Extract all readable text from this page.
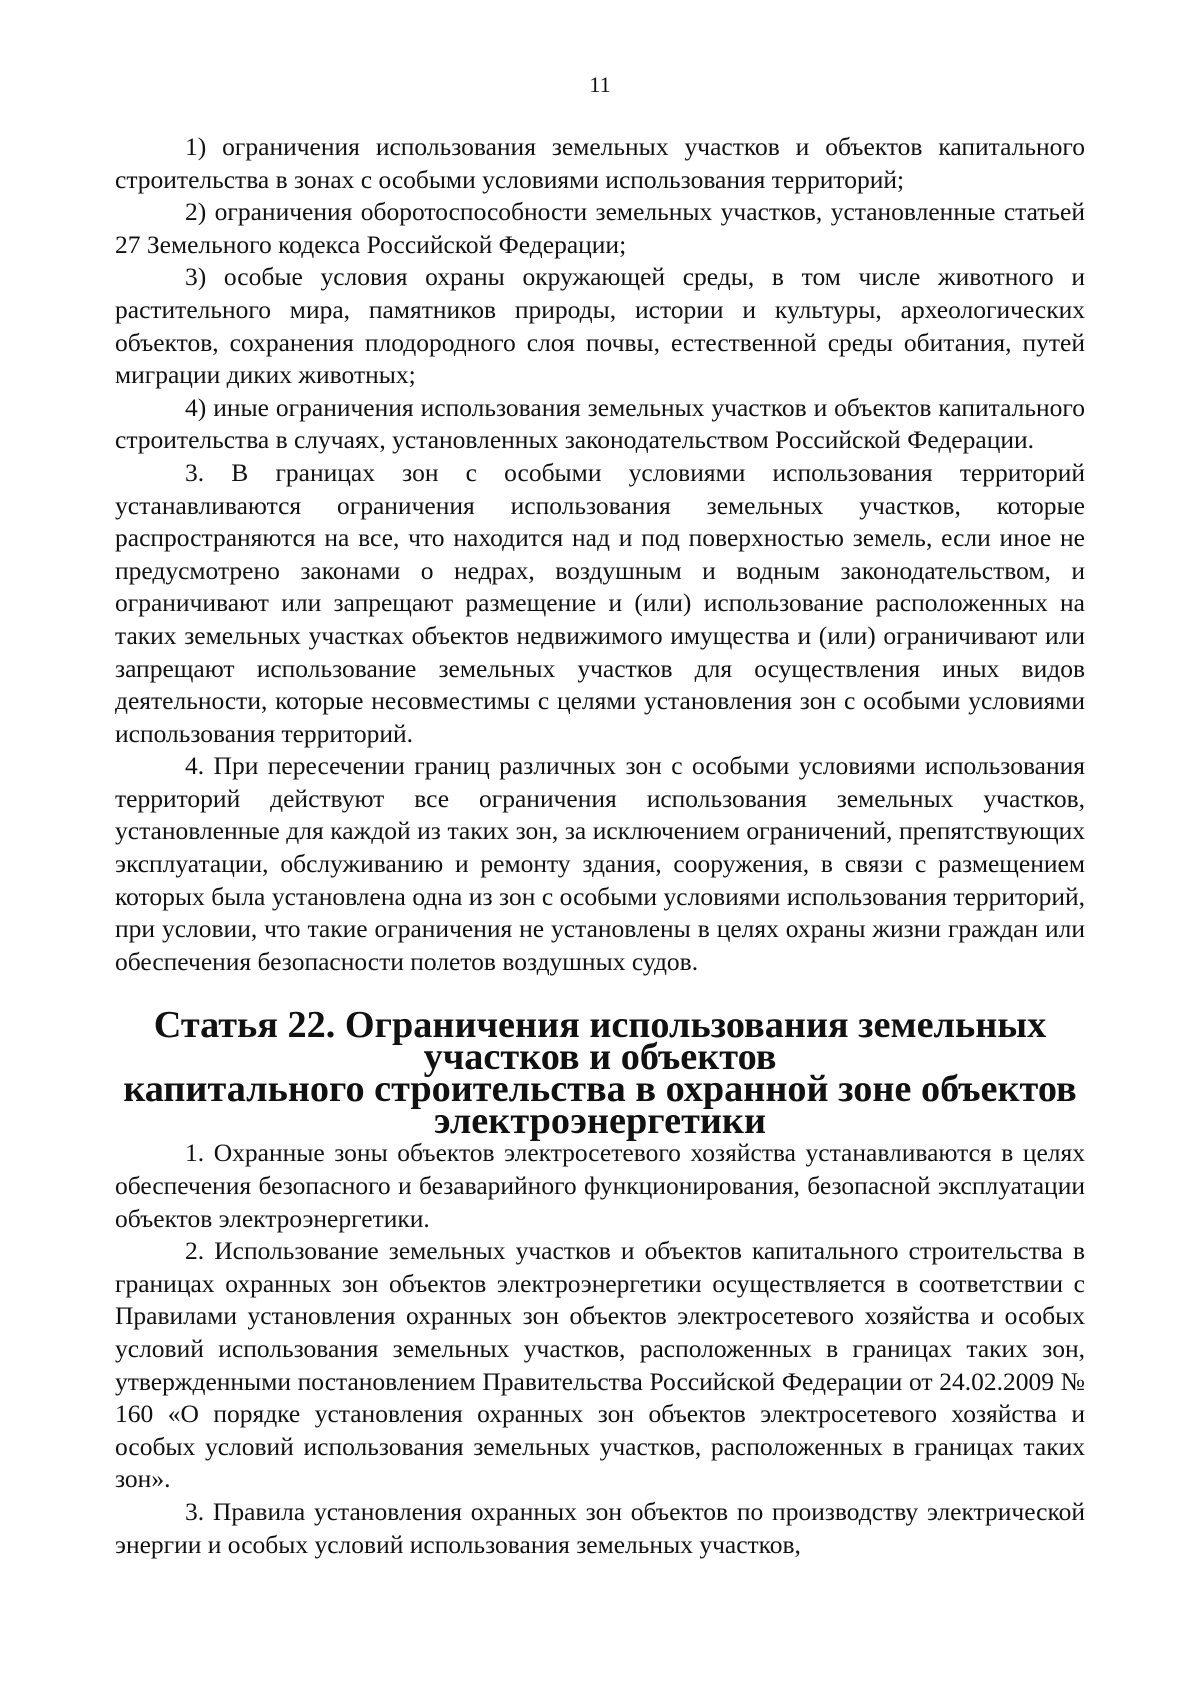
11

1) ограничения использования земельных участков и объектов капитального строительства в зонах с особыми условиями использования территорий;

2) ограничения оборотоспособности земельных участков, установленные статьей 27 Земельного кодекса Российской Федерации;

3) особые условия охраны окружающей среды, в том числе животного и растительного мира, памятников природы, истории и культуры, археологических объектов, сохранения плодородного слоя почвы, естественной среды обитания, путей миграции диких животных;

4) иные ограничения использования земельных участков и объектов капитального строительства в случаях, установленных законодательством Российской Федерации.

3. В границах зон с особыми условиями использования территорий устанавливаются ограничения использования земельных участков, которые распространяются на все, что находится над и под поверхностью земель, если иное не предусмотрено законами о недрах, воздушным и водным законодательством, и ограничивают или запрещают размещение и (или) использование расположенных на таких земельных участках объектов недвижимого имущества и (или) ограничивают или запрещают использование земельных участков для осуществления иных видов деятельности, которые несовместимы с целями установления зон с особыми условиями использования территорий.

4. При пересечении границ различных зон с особыми условиями использования территорий действуют все ограничения использования земельных участков, установленные для каждой из таких зон, за исключением ограничений, препятствующих эксплуатации, обслуживанию и ремонту здания, сооружения, в связи с размещением которых была установлена одна из зон с особыми условиями использования территорий, при условии, что такие ограничения не установлены в целях охраны жизни граждан или обеспечения безопасности полетов воздушных судов.

Статья 22. Ограничения использования земельных участков и объектов
капитального строительства в охранной зоне объектов электроэнергетики

1. Охранные зоны объектов электросетевого хозяйства устанавливаются в целях обеспечения безопасного и безаварийного функционирования, безопасной эксплуатации объектов электроэнергетики.

2. Использование земельных участков и объектов капитального строительства в границах охранных зон объектов электроэнергетики осуществляется в соответствии с Правилами установления охранных зон объектов электросетевого хозяйства и особых условий использования земельных участков, расположенных в границах таких зон, утвержденными постановлением Правительства Российской Федерации от 24.02.2009 № 160 «О порядке установления охранных зон объектов электросетевого хозяйства и особых условий использования земельных участков, расположенных в границах таких зон».

3. Правила установления охранных зон объектов по производству электрической энергии и особых условий использования земельных участков,
